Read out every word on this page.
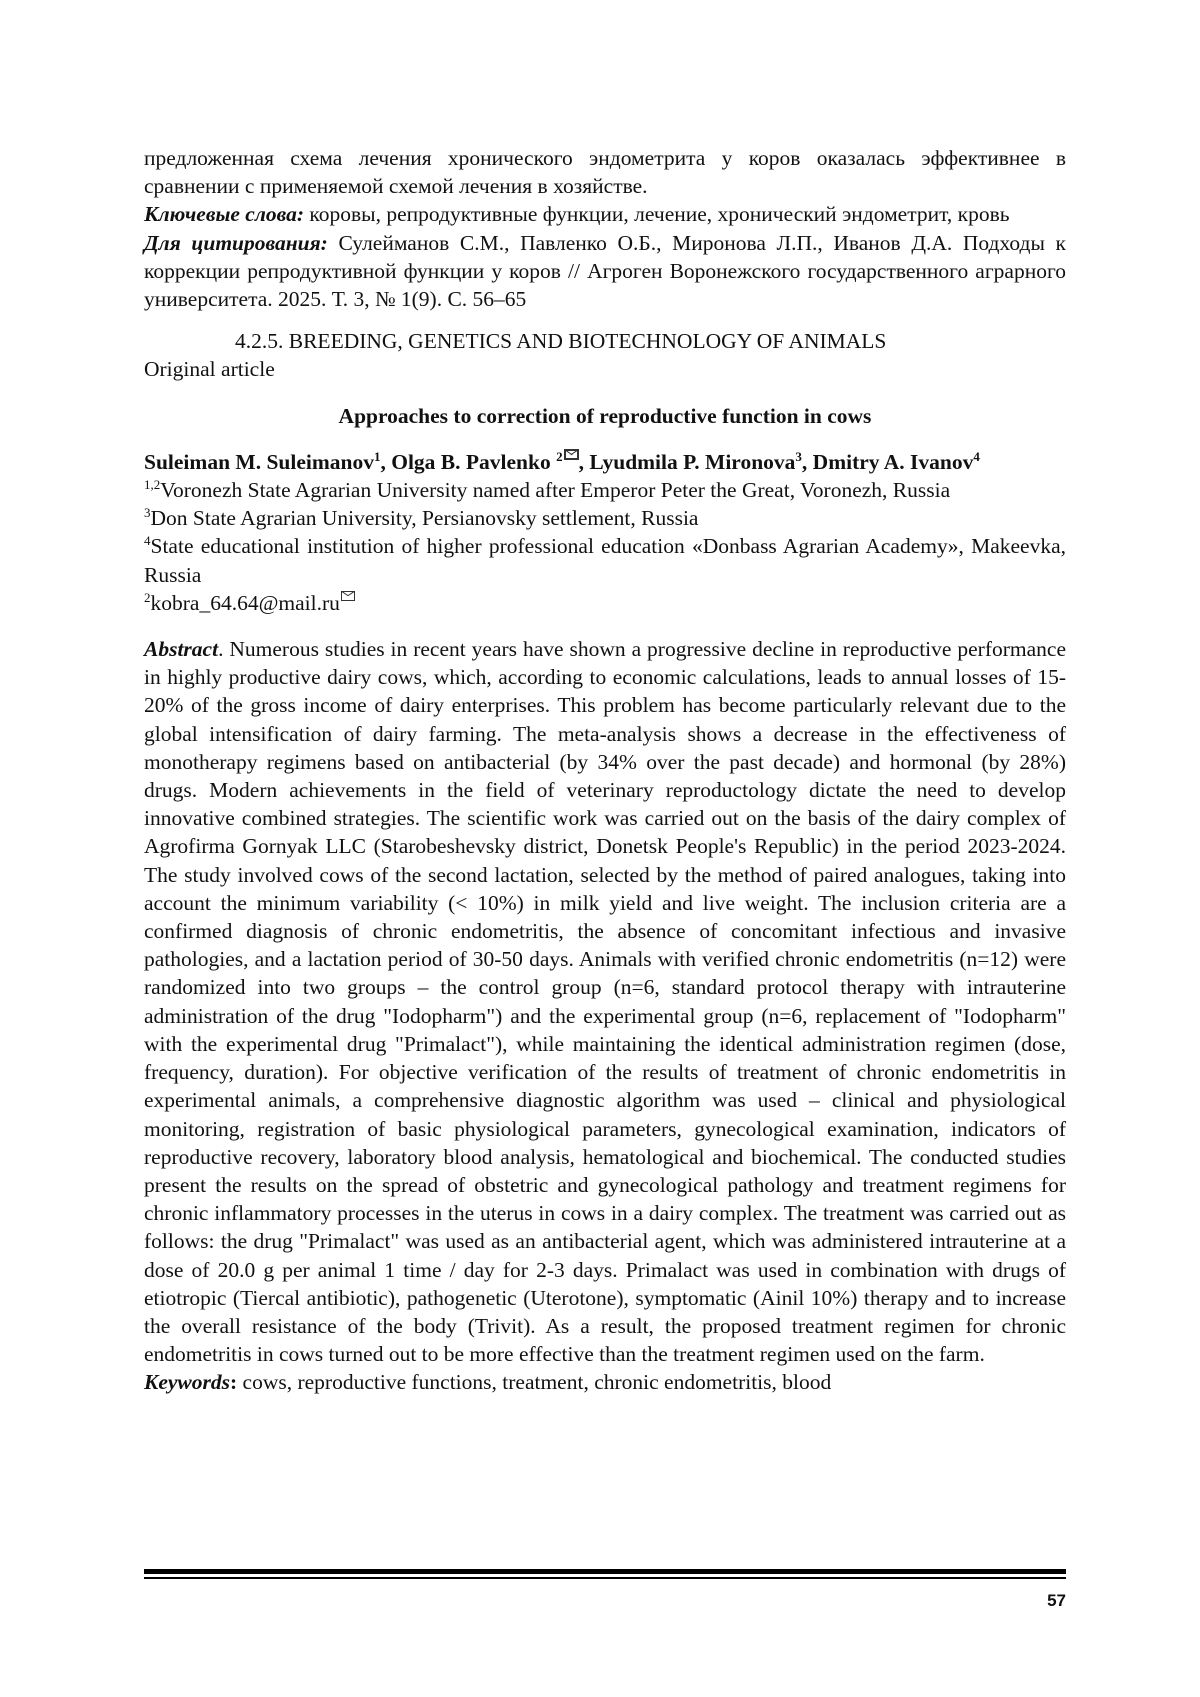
предложенная схема лечения хронического эндометрита у коров оказалась эффективнее в сравнении с применяемой схемой лечения в хозяйстве.

Ключевые слова: коровы, репродуктивные функции, лечение, хронический эндометрит, кровь

Для цитирования: Сулейманов С.М., Павленко О.Б., Миронова Л.П., Иванов Д.А. Подходы к коррекции репродуктивной функции у коров // Агроген Воронежского государственного аграрного университета. 2025. Т. 3, № 1(9). С. 56–65

4.2.5. BREEDING, GENETICS AND BIOTECHNOLOGY OF ANIMALS

Original article

Approaches to correction of reproductive function in cows

Suleiman M. Suleimanov$^1$, Olga B. Pavlenko $^2$ , Lyudmila P. Mironova$^3$, Dmitry A. Ivanov$^4$

$^{1,2}$Voronezh State Agrarian University named after Emperor Peter the Great, Voronezh, Russia

$^3$Don State Agrarian University, Persianovsky settlement, Russia

$^4$State educational institution of higher professional education «Donbass Agrarian Academy», Makeevka, Russia

$^2$kobra_64.64@mail.ru

Abstract. Numerous studies in recent years have shown a progressive decline in reproductive performance in highly productive dairy cows, which, according to economic calculations, leads to annual losses of 15-20% of the gross income of dairy enterprises. This problem has become particularly relevant due to the global intensification of dairy farming. The meta-analysis shows a decrease in the effectiveness of monotherapy regimens based on antibacterial (by 34% over the past decade) and hormonal (by 28%) drugs. Modern achievements in the field of veterinary reproductology dictate the need to develop innovative combined strategies. The scientific work was carried out on the basis of the dairy complex of Agrofirma Gornyak LLC (Starobeshevsky district, Donetsk People's Republic) in the period 2023-2024. The study involved cows of the second lactation, selected by the method of paired analogues, taking into account the minimum variability (< 10%) in milk yield and live weight. The inclusion criteria are a confirmed diagnosis of chronic endometritis, the absence of concomitant infectious and invasive pathologies, and a lactation period of 30-50 days. Animals with verified chronic endometritis (n=12) were randomized into two groups – the control group (n=6, standard protocol therapy with intrauterine administration of the drug "Iodopharm") and the experimental group (n=6, replacement of "Iodopharm" with the experimental drug "Primalact"), while maintaining the identical administration regimen (dose, frequency, duration). For objective verification of the results of treatment of chronic endometritis in experimental animals, a comprehensive diagnostic algorithm was used – clinical and physiological monitoring, registration of basic physiological parameters, gynecological examination, indicators of reproductive recovery, laboratory blood analysis, hematological and biochemical. The conducted studies present the results on the spread of obstetric and gynecological pathology and treatment regimens for chronic inflammatory processes in the uterus in cows in a dairy complex. The treatment was carried out as follows: the drug "Primalact" was used as an antibacterial agent, which was administered intrauterine at a dose of 20.0 g per animal 1 time / day for 2-3 days. Primalact was used in combination with drugs of etiotropic (Tiercal antibiotic), pathogenetic (Uterotone), symptomatic (Ainil 10%) therapy and to increase the overall resistance of the body (Trivit). As a result, the proposed treatment regimen for chronic endometritis in cows turned out to be more effective than the treatment regimen used on the farm.

Keywords: cows, reproductive functions, treatment, chronic endometritis, blood

57
